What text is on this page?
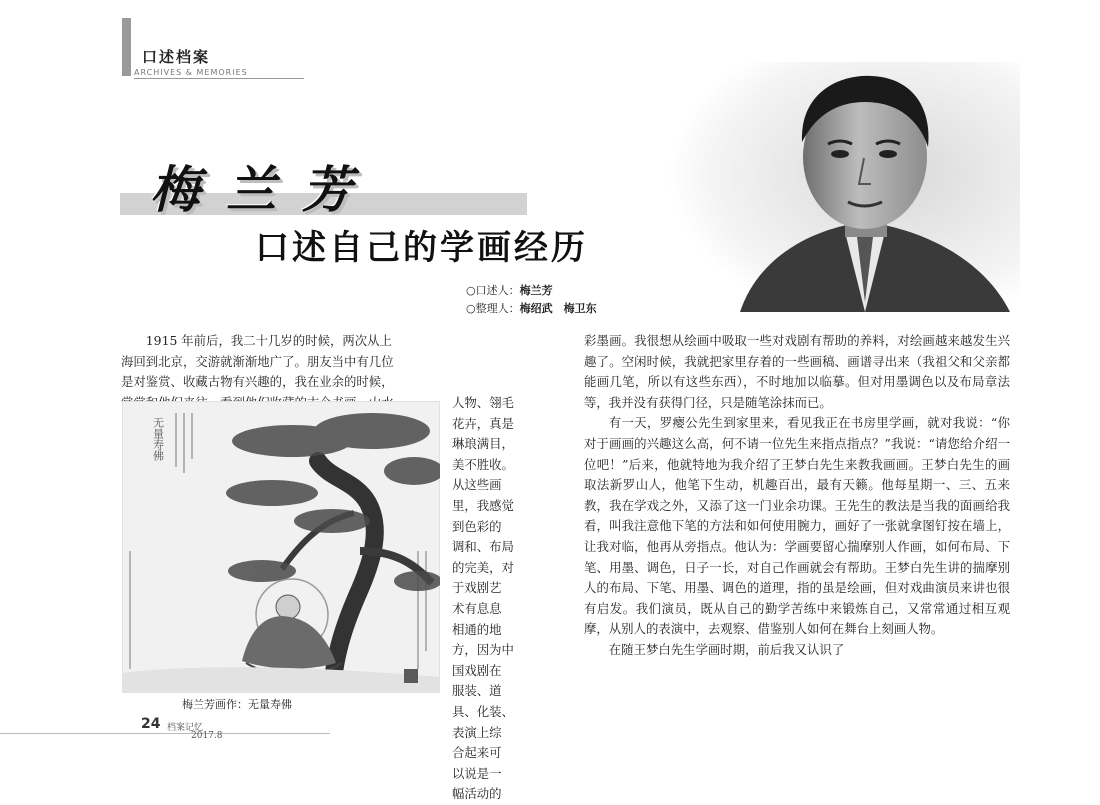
口述档案
ARCHIVES & MEMORIES
梅兰芳
口述自己的学画经历
○口述人：梅兰芳
○整理人：梅绍武　梅卫东
1915 年前后，我二十几岁的时候，两次从上
海回到北京，交游就渐渐地广了。朋友当中有几位
是对鉴赏、收藏古物有兴趣的，我在业余的时候，
人物、翎毛
花卉，真是
琳琅满目，
美不胜收。
从这些画
里，我感觉
到色彩的
调和、布局
的完美，对
于戏剧艺
术有息息
相通的地
方，因为中
国戏剧在
服装、道
具、化装、
表演上综
合起来可
以说是一
幅活动的
无量寿佛
梅兰芳画作：无量寿佛

彩墨画。我很想从绘画中吸取一些对戏剧有帮助的养料，对绘画越来越发生兴趣了。空闲时候，我就把家里存着的一些画稿、画谱寻出来（我祖父和父亲都能画几笔，所以有这些东西），不时地加以临摹。但对用墨调色以及布局章法等，我并没有获得门径，只是随笔涂抹而已。

有一天，罗瘿公先生到家里来，看见我正在书房里学画，就对我说：“你对于画画的兴趣这么高，何不请一位先生来指点指点？”我说：“请您给介绍一位吧！”后来，他就特地为我介绍了王梦白先生来教我画画。王梦白先生的画取法新罗山人，他笔下生动，机趣百出，最有天籁。他每星期一、三、五来教，我在学戏之外，又添了这一门业余功课。王先生的教法是当我的面画给我看，叫我注意他下笔的方法和如何使用腕力，画好了一张就拿图钉按在墙上，让我对临，他再从旁指点。他认为：学画要留心揣摩别人作画，如何布局、下笔、用墨、调色，日子一长，对自己作画就会有帮助。王梦白先生讲的揣摩别人的布局、下笔、用墨、调色的道理，指的虽是绘画，但对戏曲演员来讲也很有启发。我们演员，既从自己的勤学苦练中来锻炼自己，又常常通过相互观摩，从别人的表演中，去观察、借鉴别人如何在舞台上刻画人物。

在随王梦白先生学画时期，前后我又认识了

24 档案记忆
2017.8
